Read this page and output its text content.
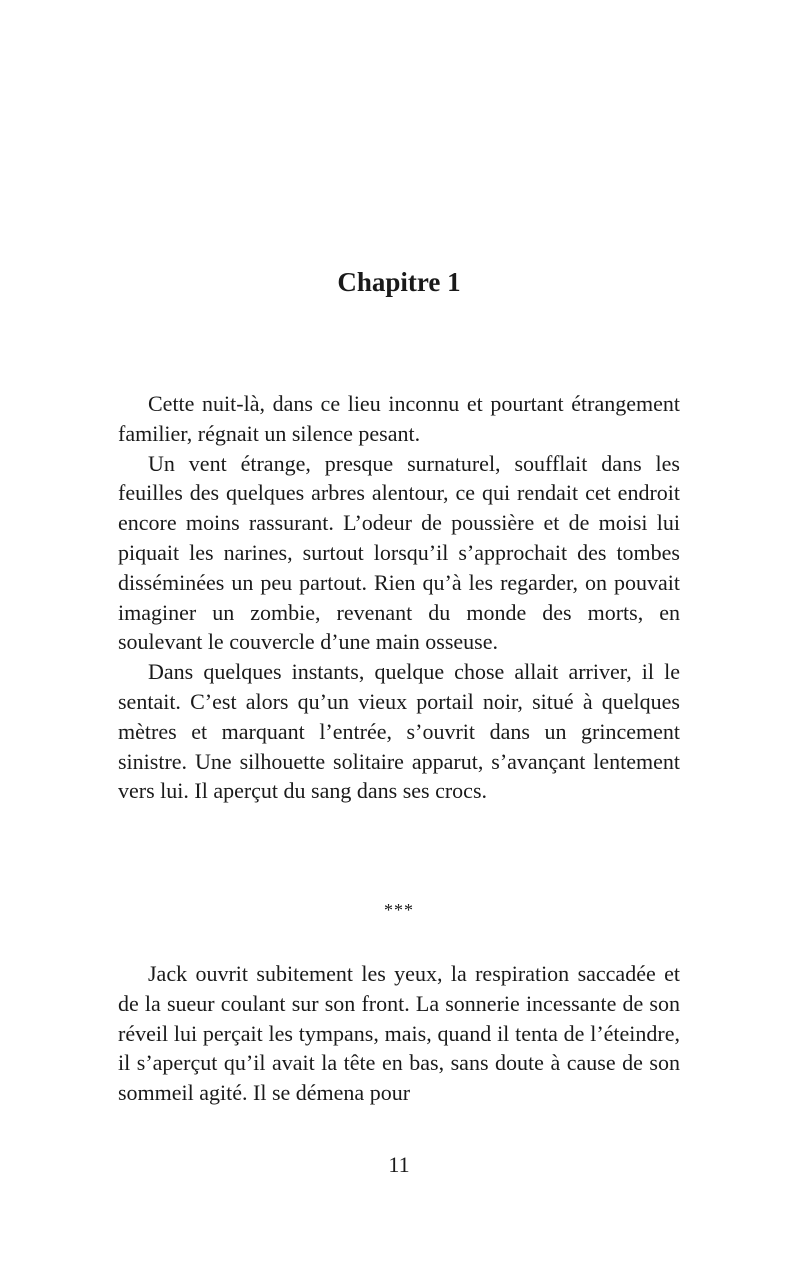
Chapitre 1

Cette nuit-là, dans ce lieu inconnu et pourtant étrangement familier, régnait un silence pesant.

Un vent étrange, presque surnaturel, soufflait dans les feuilles des quelques arbres alentour, ce qui rendait cet endroit encore moins rassurant. L’odeur de poussière et de moisi lui piquait les narines, surtout lorsqu’il s’approchait des tombes disséminées un peu partout. Rien qu’à les regarder, on pouvait imaginer un zombie, revenant du monde des morts, en soulevant le couvercle d’une main osseuse.

Dans quelques instants, quelque chose allait arriver, il le sentait. C’est alors qu’un vieux portail noir, situé à quelques mètres et marquant l’entrée, s’ouvrit dans un grincement sinistre. Une silhouette solitaire apparut, s’avançant lentement vers lui. Il aperçut du sang dans ses crocs.

***

Jack ouvrit subitement les yeux, la respiration saccadée et de la sueur coulant sur son front. La sonnerie incessante de son réveil lui perçait les tympans, mais, quand il tenta de l’éteindre, il s’aperçut qu’il avait la tête en bas, sans doute à cause de son sommeil agité. Il se démena pour

11
